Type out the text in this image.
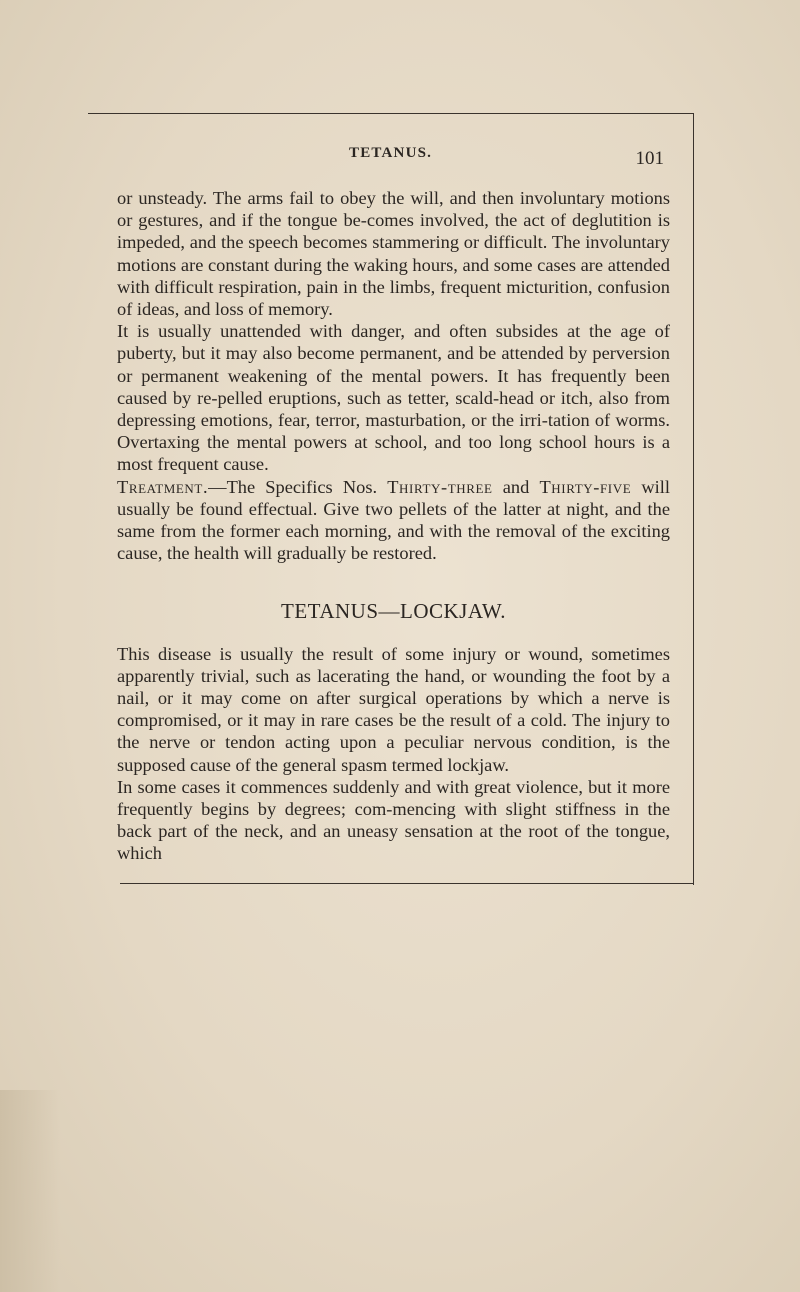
TETANUS.	101

or unsteady. The arms fail to obey the will, and then involuntary motions or gestures, and if the tongue be-comes involved, the act of deglutition is impeded, and the speech becomes stammering or difficult. The involuntary motions are constant during the waking hours, and some cases are attended with difficult respiration, pain in the limbs, frequent micturition, confusion of ideas, and loss of memory.

It is usually unattended with danger, and often subsides at the age of puberty, but it may also become permanent, and be attended by perversion or permanent weakening of the mental powers. It has frequently been caused by re-pelled eruptions, such as tetter, scald-head or itch, also from depressing emotions, fear, terror, masturbation, or the irri-tation of worms. Overtaxing the mental powers at school, and too long school hours is a most frequent cause.

Treatment.—The Specifics Nos. Thirty-three and Thirty-five will usually be found effectual. Give two pellets of the latter at night, and the same from the former each morning, and with the removal of the exciting cause, the health will gradually be restored.

TETANUS—LOCKJAW.

This disease is usually the result of some injury or wound, sometimes apparently trivial, such as lacerating the hand, or wounding the foot by a nail, or it may come on after surgical operations by which a nerve is compromised, or it may in rare cases be the result of a cold. The injury to the nerve or tendon acting upon a peculiar nervous condition, is the supposed cause of the general spasm termed lockjaw.

In some cases it commences suddenly and with great violence, but it more frequently begins by degrees; com-mencing with slight stiffness in the back part of the neck, and an uneasy sensation at the root of the tongue, which
